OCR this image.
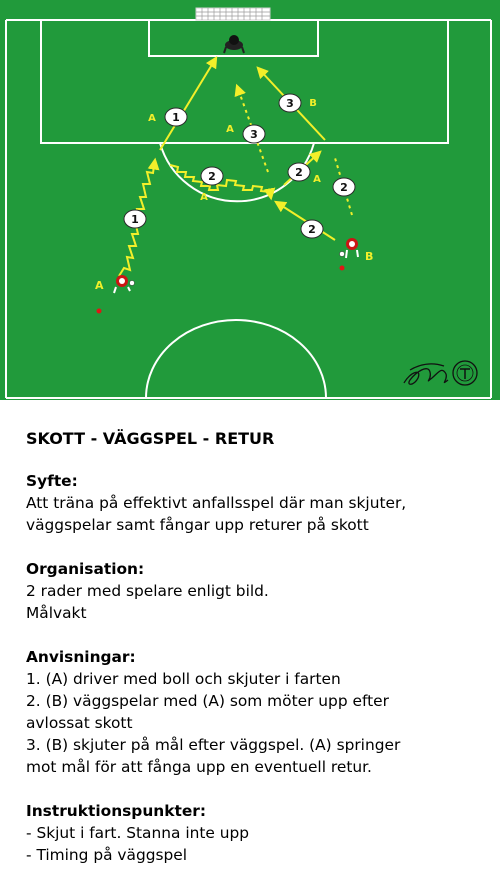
A
B
1
A
1
2
A
2
A
2
2
3
A
3 B

SKOTT - VÄGGSPEL - RETUR

Syfte:

Att träna på effektivt anfallsspel där man skjuter,

väggspelar samt fångar upp returer på skott

Organisation:

2 rader med spelare enligt bild.

Målvakt

Anvisningar:

1. (A) driver med boll och skjuter i farten

2. (B) väggspelar med (A) som möter upp efter

avlossat skott

3. (B) skjuter på mål efter väggspel. (A) springer

mot mål för att fånga upp en eventuell retur.

Instruktionspunkter:

- Skjut i fart. Stanna inte upp

- Timing på väggspel
